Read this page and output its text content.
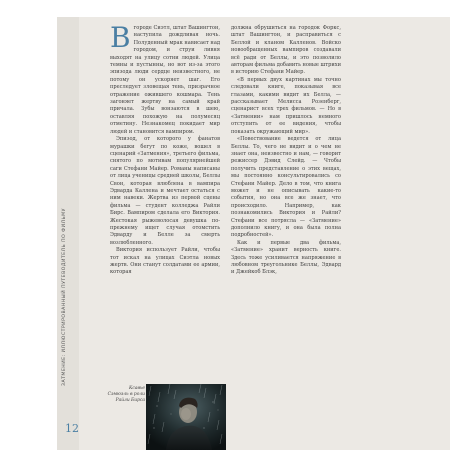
ЗАТМЕНИЕ: ИЛЛЮСТРИРОВАННЫЙ ПУТЕВОДИТЕЛЬ ПО ФИЛЬМУ
12

Вгороде Сиэтл, штат Вашингтон, наступила дождливая ночь. Полуденный мрак нависает над городом, и струи ливня выходят на улицу сотни людей. Улица темны и пустынны, но вот из-за этого эпизода люди сердце неизвестного, не потому он ускоряет шаг. Его преследует зловещая тень, призрачное отражение ожившего кошмара. Тень загоняет жертву на самый край причала. Зубы вонзаются в шею, оставляя похожую на полумесяц отметину. Незнакомец покидает мир людей и становится вампиром.

Эпизод, от которого у фанатов мурашки бегут по коже, вошел в сценарий «Затмения», третьего фильма, снятого по мотивам популярнейшей саги Стефани Майер. Романы написаны от лица ученицы средней школы, Беллы Свон, которая влюблена в вампира Эдварда Каллена и мечтает остаться с ним навеки. Жертва из первой сцены фильма — студент колледжа Райли Бирс. Вампиром сделала его Виктория. Жестокая рыжеволосая девушка по-прежнему ищет случая отомстить Эдварду и Белле за смерть возлюбленного.

Виктория использует Райли, чтобы тот искал на улицах Сиэтла новых жертв. Они станут солдатами ее армии, которая

должна обрушиться на городок Форкс, штат Вашингтон, и расправиться с Беллой и кланом Калленов. Войско новообращенных вампиров создавали всё ради от Беллы, и это позволило авторам фильма добавить новые штрихи в историю Стефани Майер.

«В первых двух картинах мы точно следовали книге, показывая все глазами, какими видит их Белла, — рассказывает Мелисса Розенберг, сценарист всех трех фильмов. — Но в «Затмении» нам пришлось немного отступить от ее видения, чтобы показать окружающий мир».

«Повествование ведется от лица Беллы. То, чего не видит и о чем не знает она, неизвестно и нам, — говорит режиссер Дэвид Слейд. — Чтобы получить представление о этих вещах, мы постоянно консультировались со Стефани Майер. Дело в том, что книга может и не описывать какие-то события, но она все же знает, что происходило. Например, как познакомились Виктория и Райли? Стефани все потрясла — «Затмение» дополнило книгу, и она была полна подробностей».

Как и первые два фильма, «Затмение» хранит верность книге. Здесь тоже усиливается напряжение в любовном треугольнике Беллы, Эдвард и Джейкоб Блэк,

Ксавье Сэмюэль в роли Райли Бирса
